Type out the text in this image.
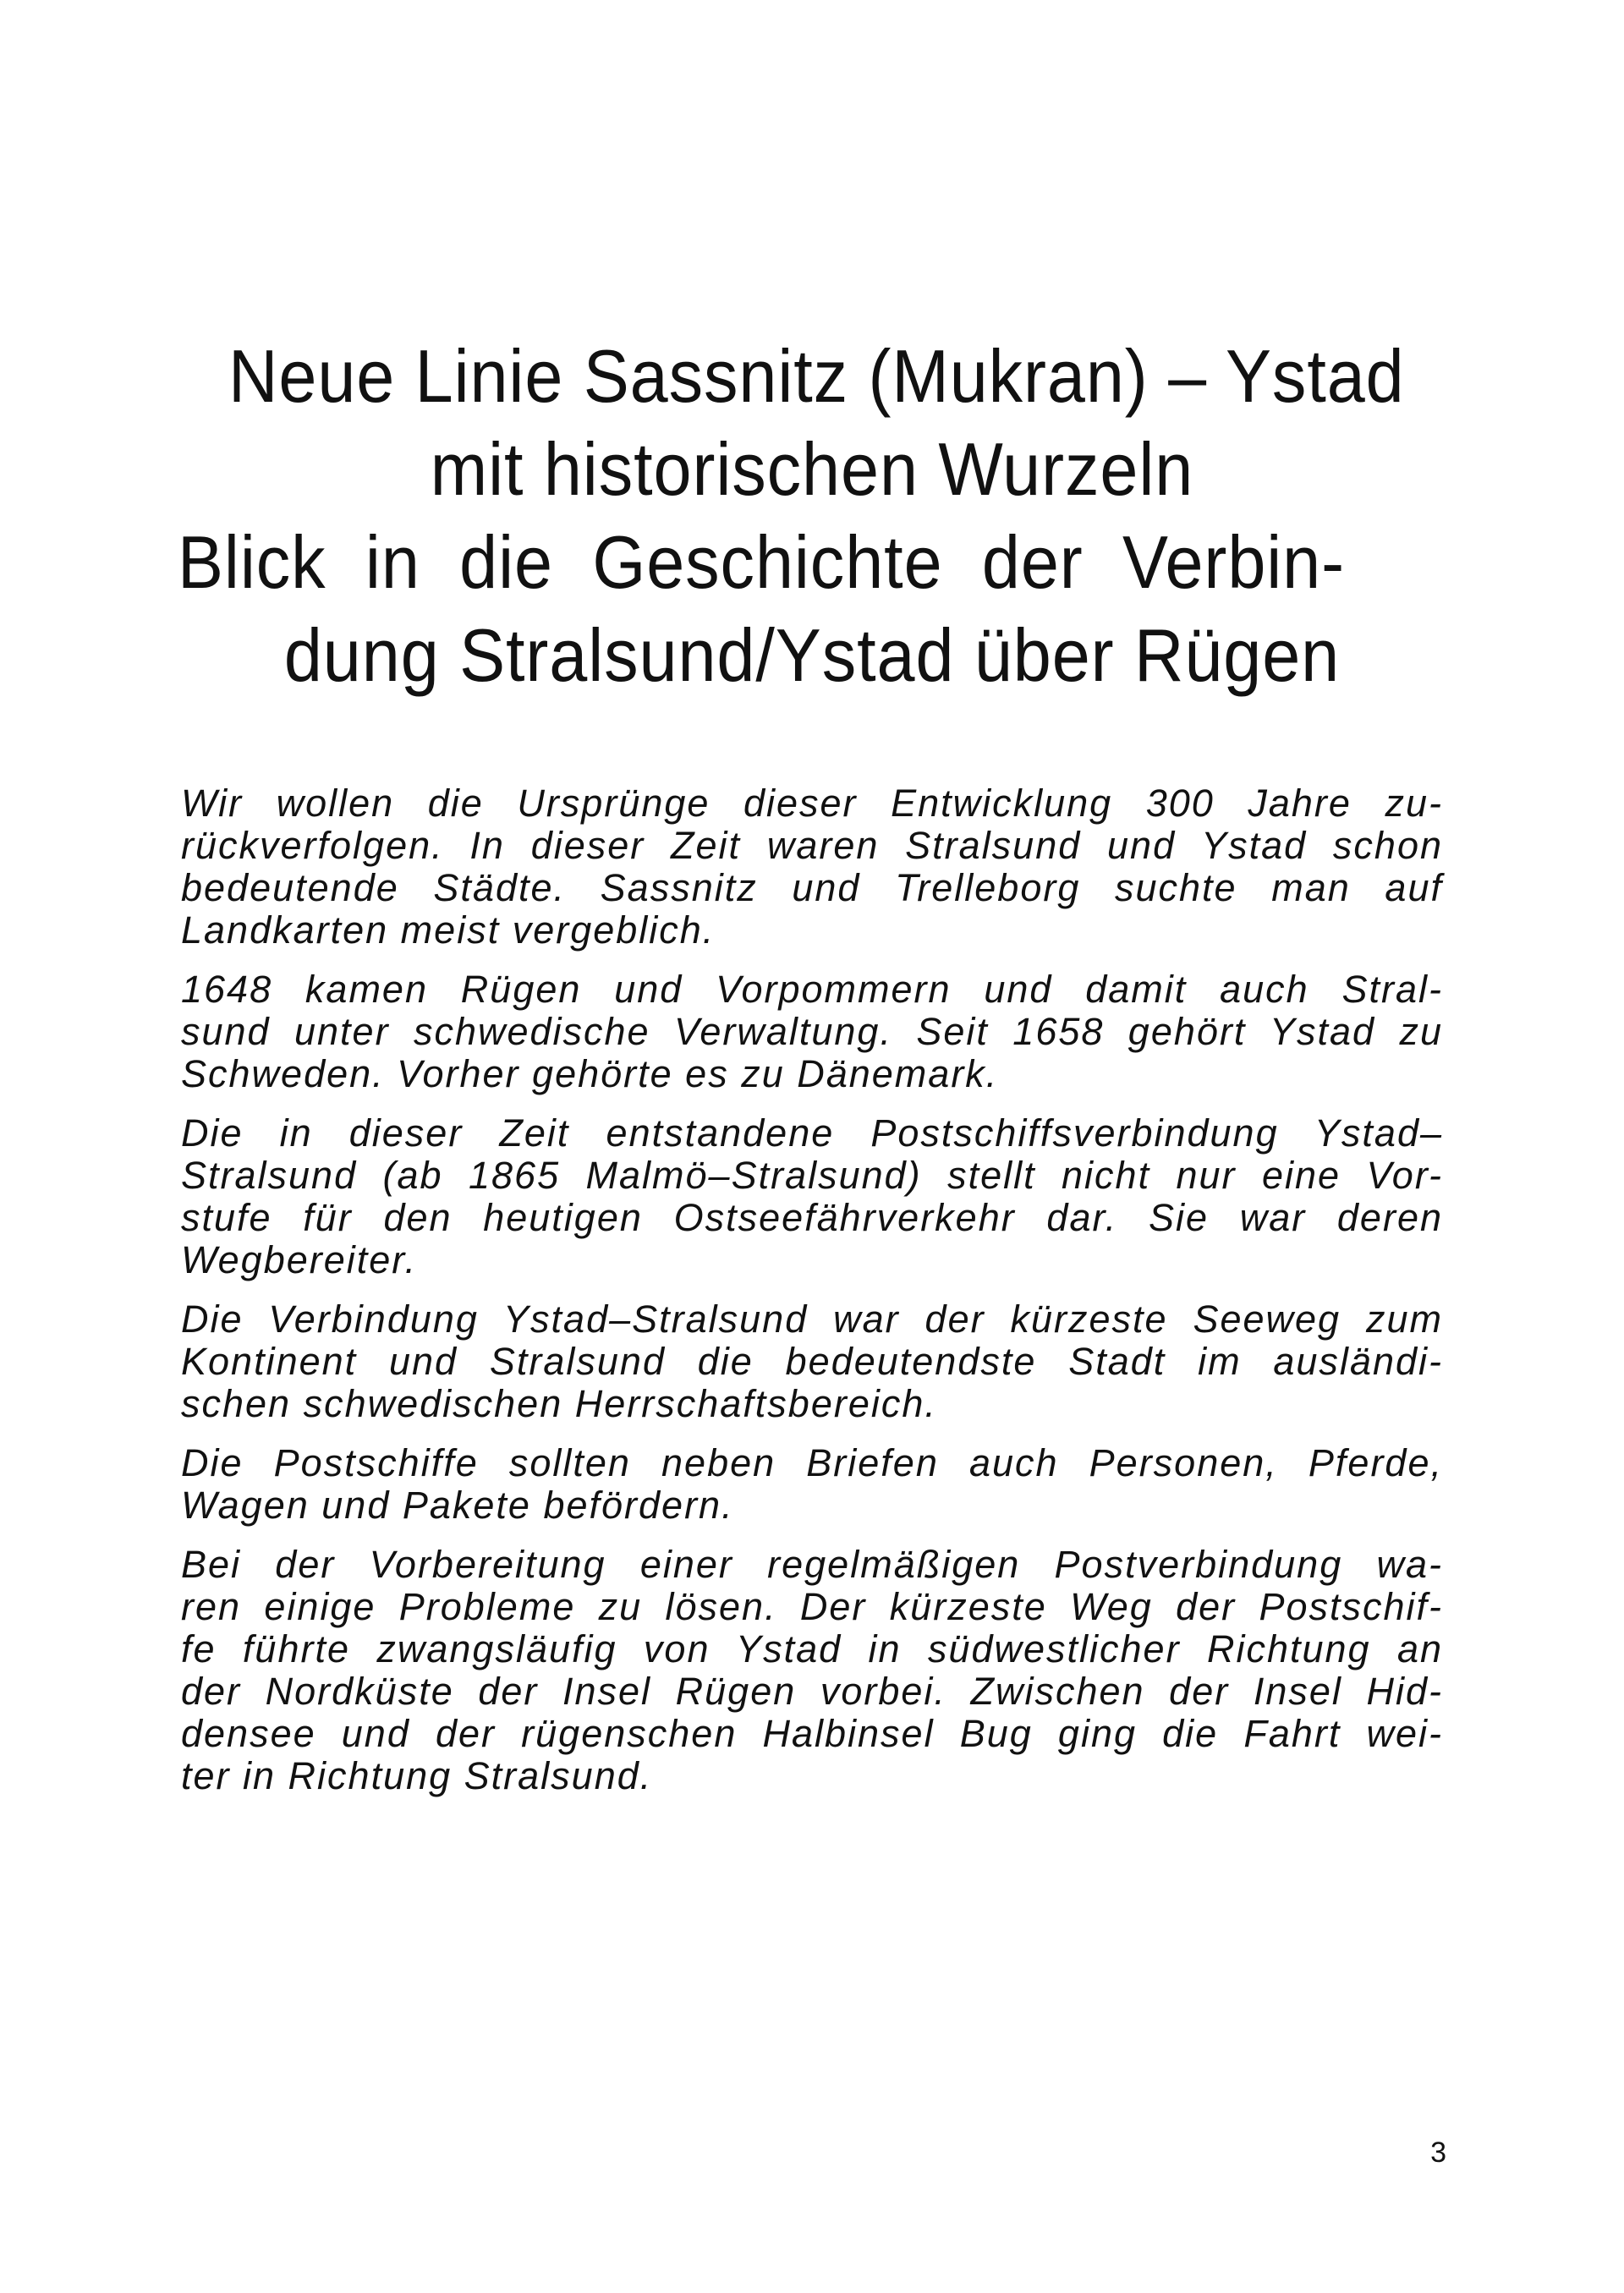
Neue Linie Sassnitz (Mukran) – Ystad
mit historischen Wurzeln
Blick in die Geschichte der Verbin-
dung Stralsund/Ystad über Rügen
Wir wollen die Ursprünge dieser Entwicklung 300 Jahre zu-
rückverfolgen. In dieser Zeit waren Stralsund und Ystad schon
bedeutende Städte. Sassnitz und Trelleborg suchte man auf
Landkarten meist vergeblich.
1648 kamen Rügen und Vorpommern und damit auch Stral-
sund unter schwedische Verwaltung. Seit 1658 gehört Ystad zu
Schweden. Vorher gehörte es zu Dänemark.
Die in dieser Zeit entstandene Postschiffsverbindung Ystad–
Stralsund (ab 1865 Malmö–Stralsund) stellt nicht nur eine Vor-
stufe für den heutigen Ostseefährverkehr dar. Sie war deren
Wegbereiter.
Die Verbindung Ystad–Stralsund war der kürzeste Seeweg zum
Kontinent und Stralsund die bedeutendste Stadt im ausländi-
schen schwedischen Herrschaftsbereich.
Die Postschiffe sollten neben Briefen auch Personen, Pferde,
Wagen und Pakete befördern.
Bei der Vorbereitung einer regelmäßigen Postverbindung wa-
ren einige Probleme zu lösen. Der kürzeste Weg der Postschif-
fe führte zwangsläufig von Ystad in südwestlicher Richtung an
der Nordküste der Insel Rügen vorbei. Zwischen der Insel Hid-
densee und der rügenschen Halbinsel Bug ging die Fahrt wei-
ter in Richtung Stralsund.
3
